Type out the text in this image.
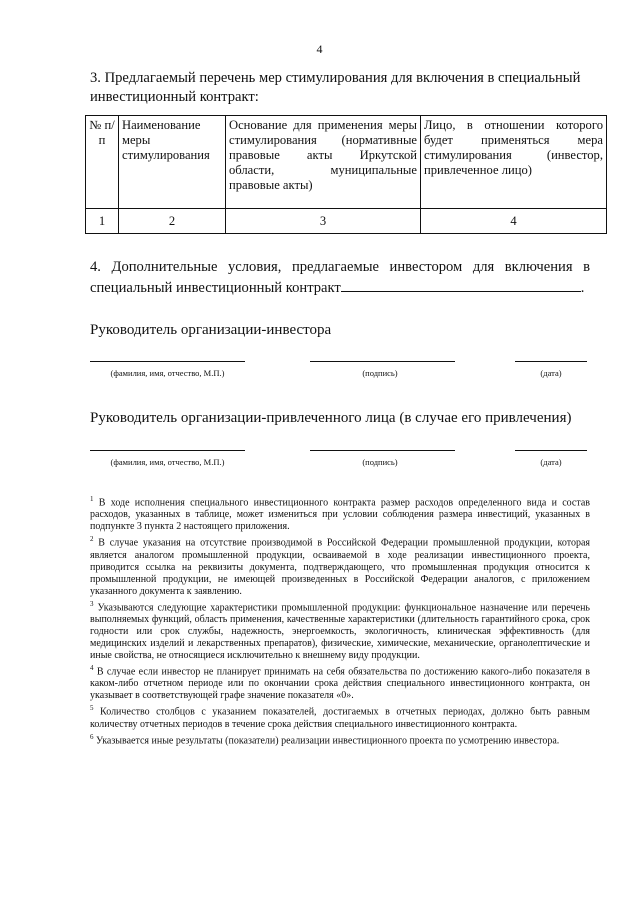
4
3. Предлагаемый перечень мер стимулирования для включения в специальный
инвестиционный контракт:
№ п/п	Наименование меры стимулирования	Основание для применения меры стимулирования (нормативные правовые акты Иркутской области, муниципальные
правовые акты)	Лицо, в отношении которого будет применяться мера стимулирования (инвестор, привлеченное лицо)
1	2	3	4
4. Дополнительные условия, предлагаемые инвестором для включения в специальный инвестиционный контракт	.
Руководитель организации-инвестора
(фамилия, имя, отчество, М.П.)	(подпись)	(дата)
Руководитель организации-привлеченного лица (в случае его привлечения)
(фамилия, имя, отчество, М.П.)	(подпись)	(дата)

$^1$ В ходе исполнения специального инвестиционного контракта размер расходов определенного вида и состав расходов, указанных в таблице, может измениться при условии соблюдения размера инвестиций, указанных в подпункте 3 пункта 2 настоящего приложения.

$^2$ В случае указания на отсутствие производимой в Российской Федерации промышленной продукции, которая является аналогом промышленной продукции, осваиваемой в ходе реализации инвестиционного проекта, приводится ссылка на реквизиты документа, подтверждающего, что промышленная продукция относится к промышленной продукции, не имеющей произведенных в Российской Федерации аналогов, с приложением указанного документа к заявлению.

$^3$ Указываются следующие характеристики промышленной продукции: функциональное назначение или перечень выполняемых функций, область применения, качественные характеристики (длительность гарантийного срока, срок годности или срок службы, надежность, энергоемкость, экологичность, клиническая эффективность (для медицинских изделий и лекарственных препаратов), физические, химические, механические, органолептические и иные свойства, не относящиеся исключительно к внешнему виду продукции.

$^4$ В случае если инвестор не планирует принимать на себя обязательства по достижению какого-либо показателя в каком-либо отчетном периоде или по окончании срока действия специального инвестиционного контракта, он указывает в соответствующей графе значение показателя «0».

$^5$ Количество столбцов с указанием показателей, достигаемых в отчетных периодах, должно быть равным количеству отчетных периодов в течение срока действия специального инвестиционного контракта.

$^6$ Указывается иные результаты (показатели) реализации инвестиционного проекта по усмотрению инвестора.
